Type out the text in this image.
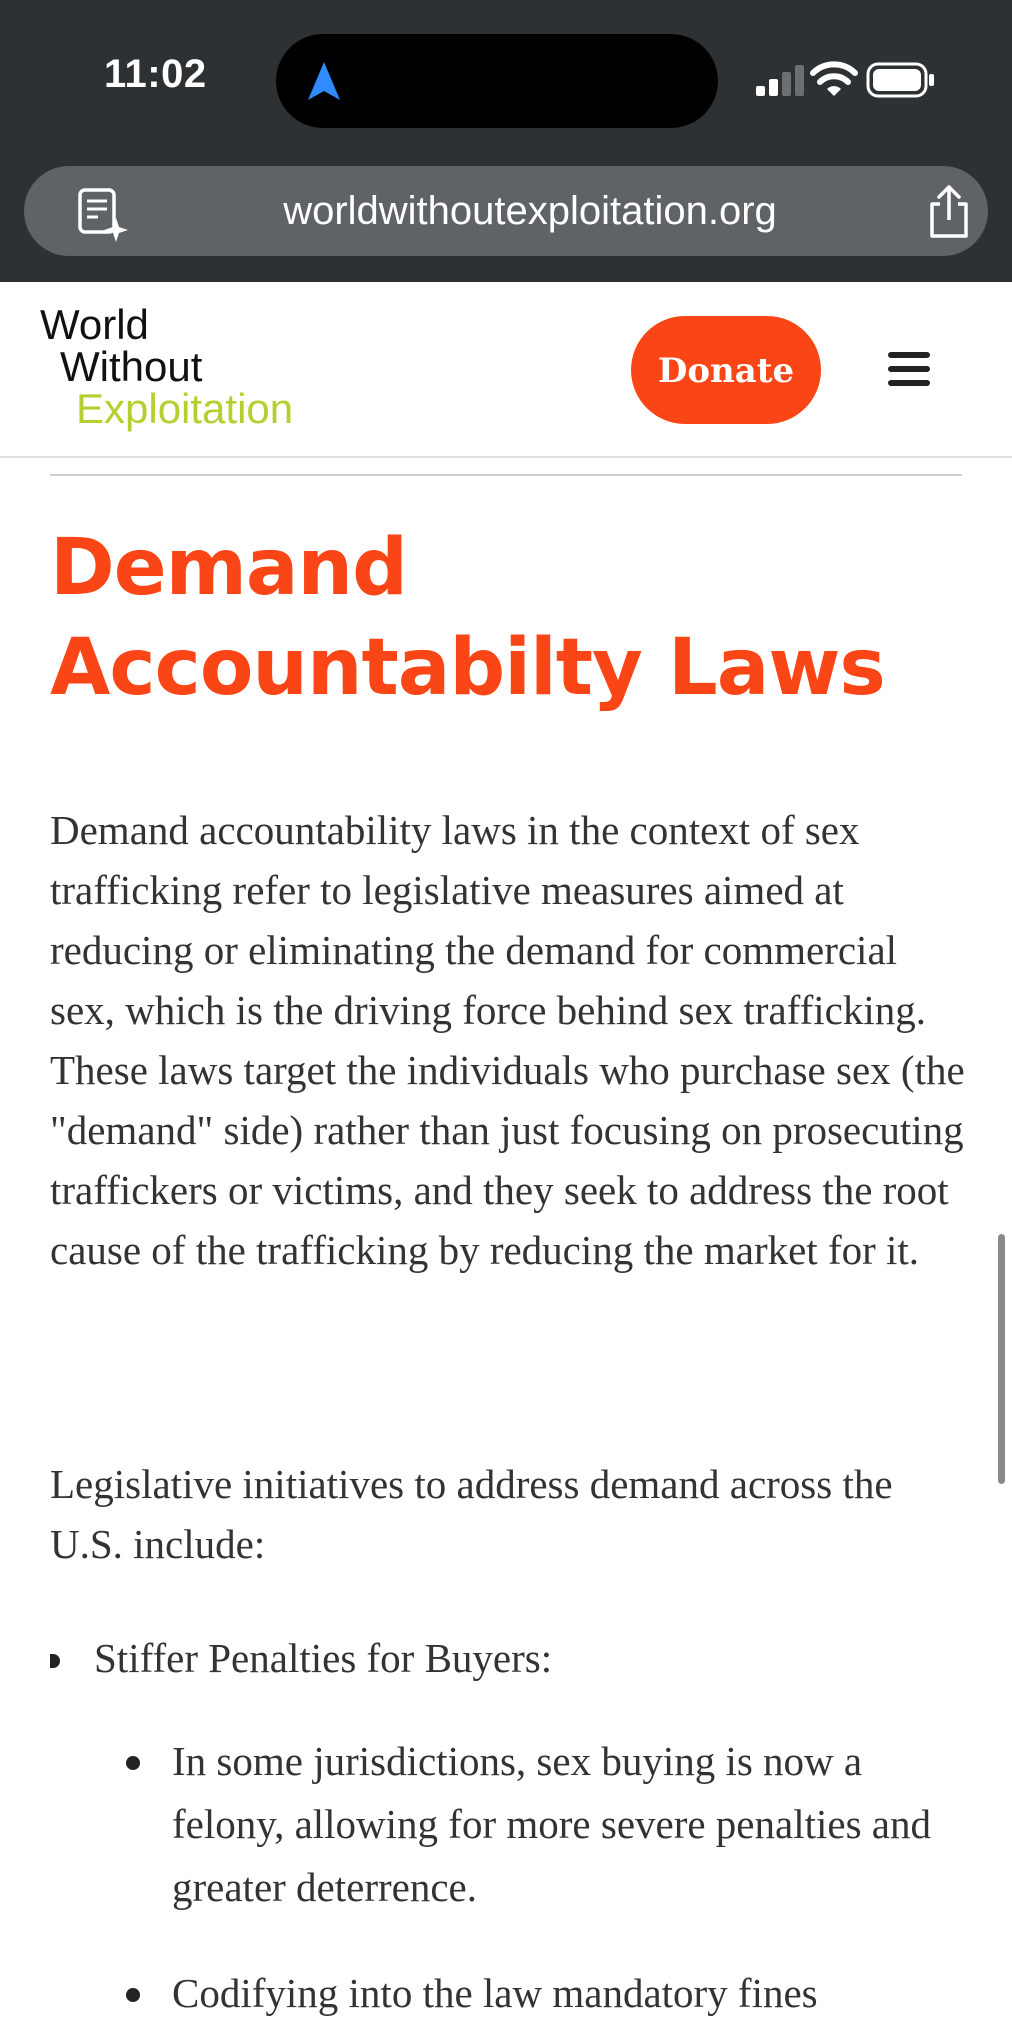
11:02
worldwithoutexploitation.org
World
Without
Exploitation
Donate
Demand Accountabilty Laws

Demand accountability laws in the context of sex trafficking refer to legislative measures aimed at reducing or eliminating the demand for commercial sex, which is the driving force behind sex trafficking. These laws target the individuals who purchase sex (the "demand" side) rather than just focusing on prosecuting traffickers or victims, and they seek to address the root cause of the trafficking by reducing the market for it.

Legislative initiatives to address demand across the U.S. include:

Stiffer Penalties for Buyers:
In some jurisdictions, sex buying is now a felony, allowing for more severe penalties and greater deterrence.
Codifying into the law mandatory fines
